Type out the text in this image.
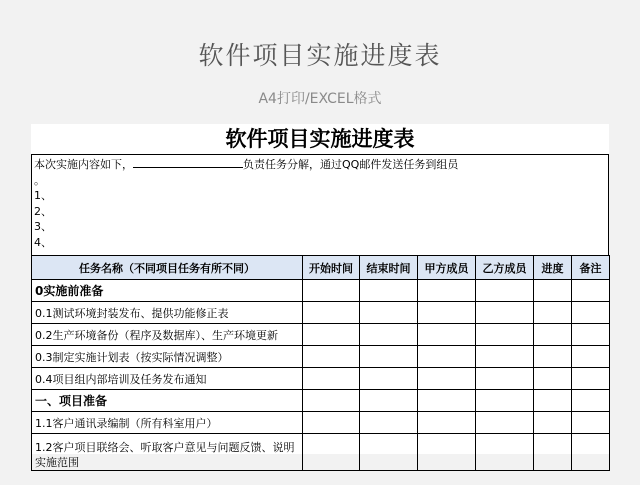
软件项目实施进度表
A4打印/EXCEL格式
软件项目实施进度表
本次实施内容如下，	负责任务分解，通过QQ邮件发送任务到组员
。
1、
2、
3、
4、
任务名称（不同项目任务有所不同）	开始时间	结束时间	甲方成员	乙方成员	进度	备注
0实施前准备						
0.1测试环境封装发布、提供功能修正表						
0.2生产环境备份（程序及数据库）、生产环境更新						
0.3制定实施计划表（按实际情况调整）						
0.4项目组内部培训及任务发布通知						
一、项目准备						
1.1客户通讯录编制（所有科室用户）						
1.2客户项目联络会、听取客户意见与问题反馈、说明实施范围						
